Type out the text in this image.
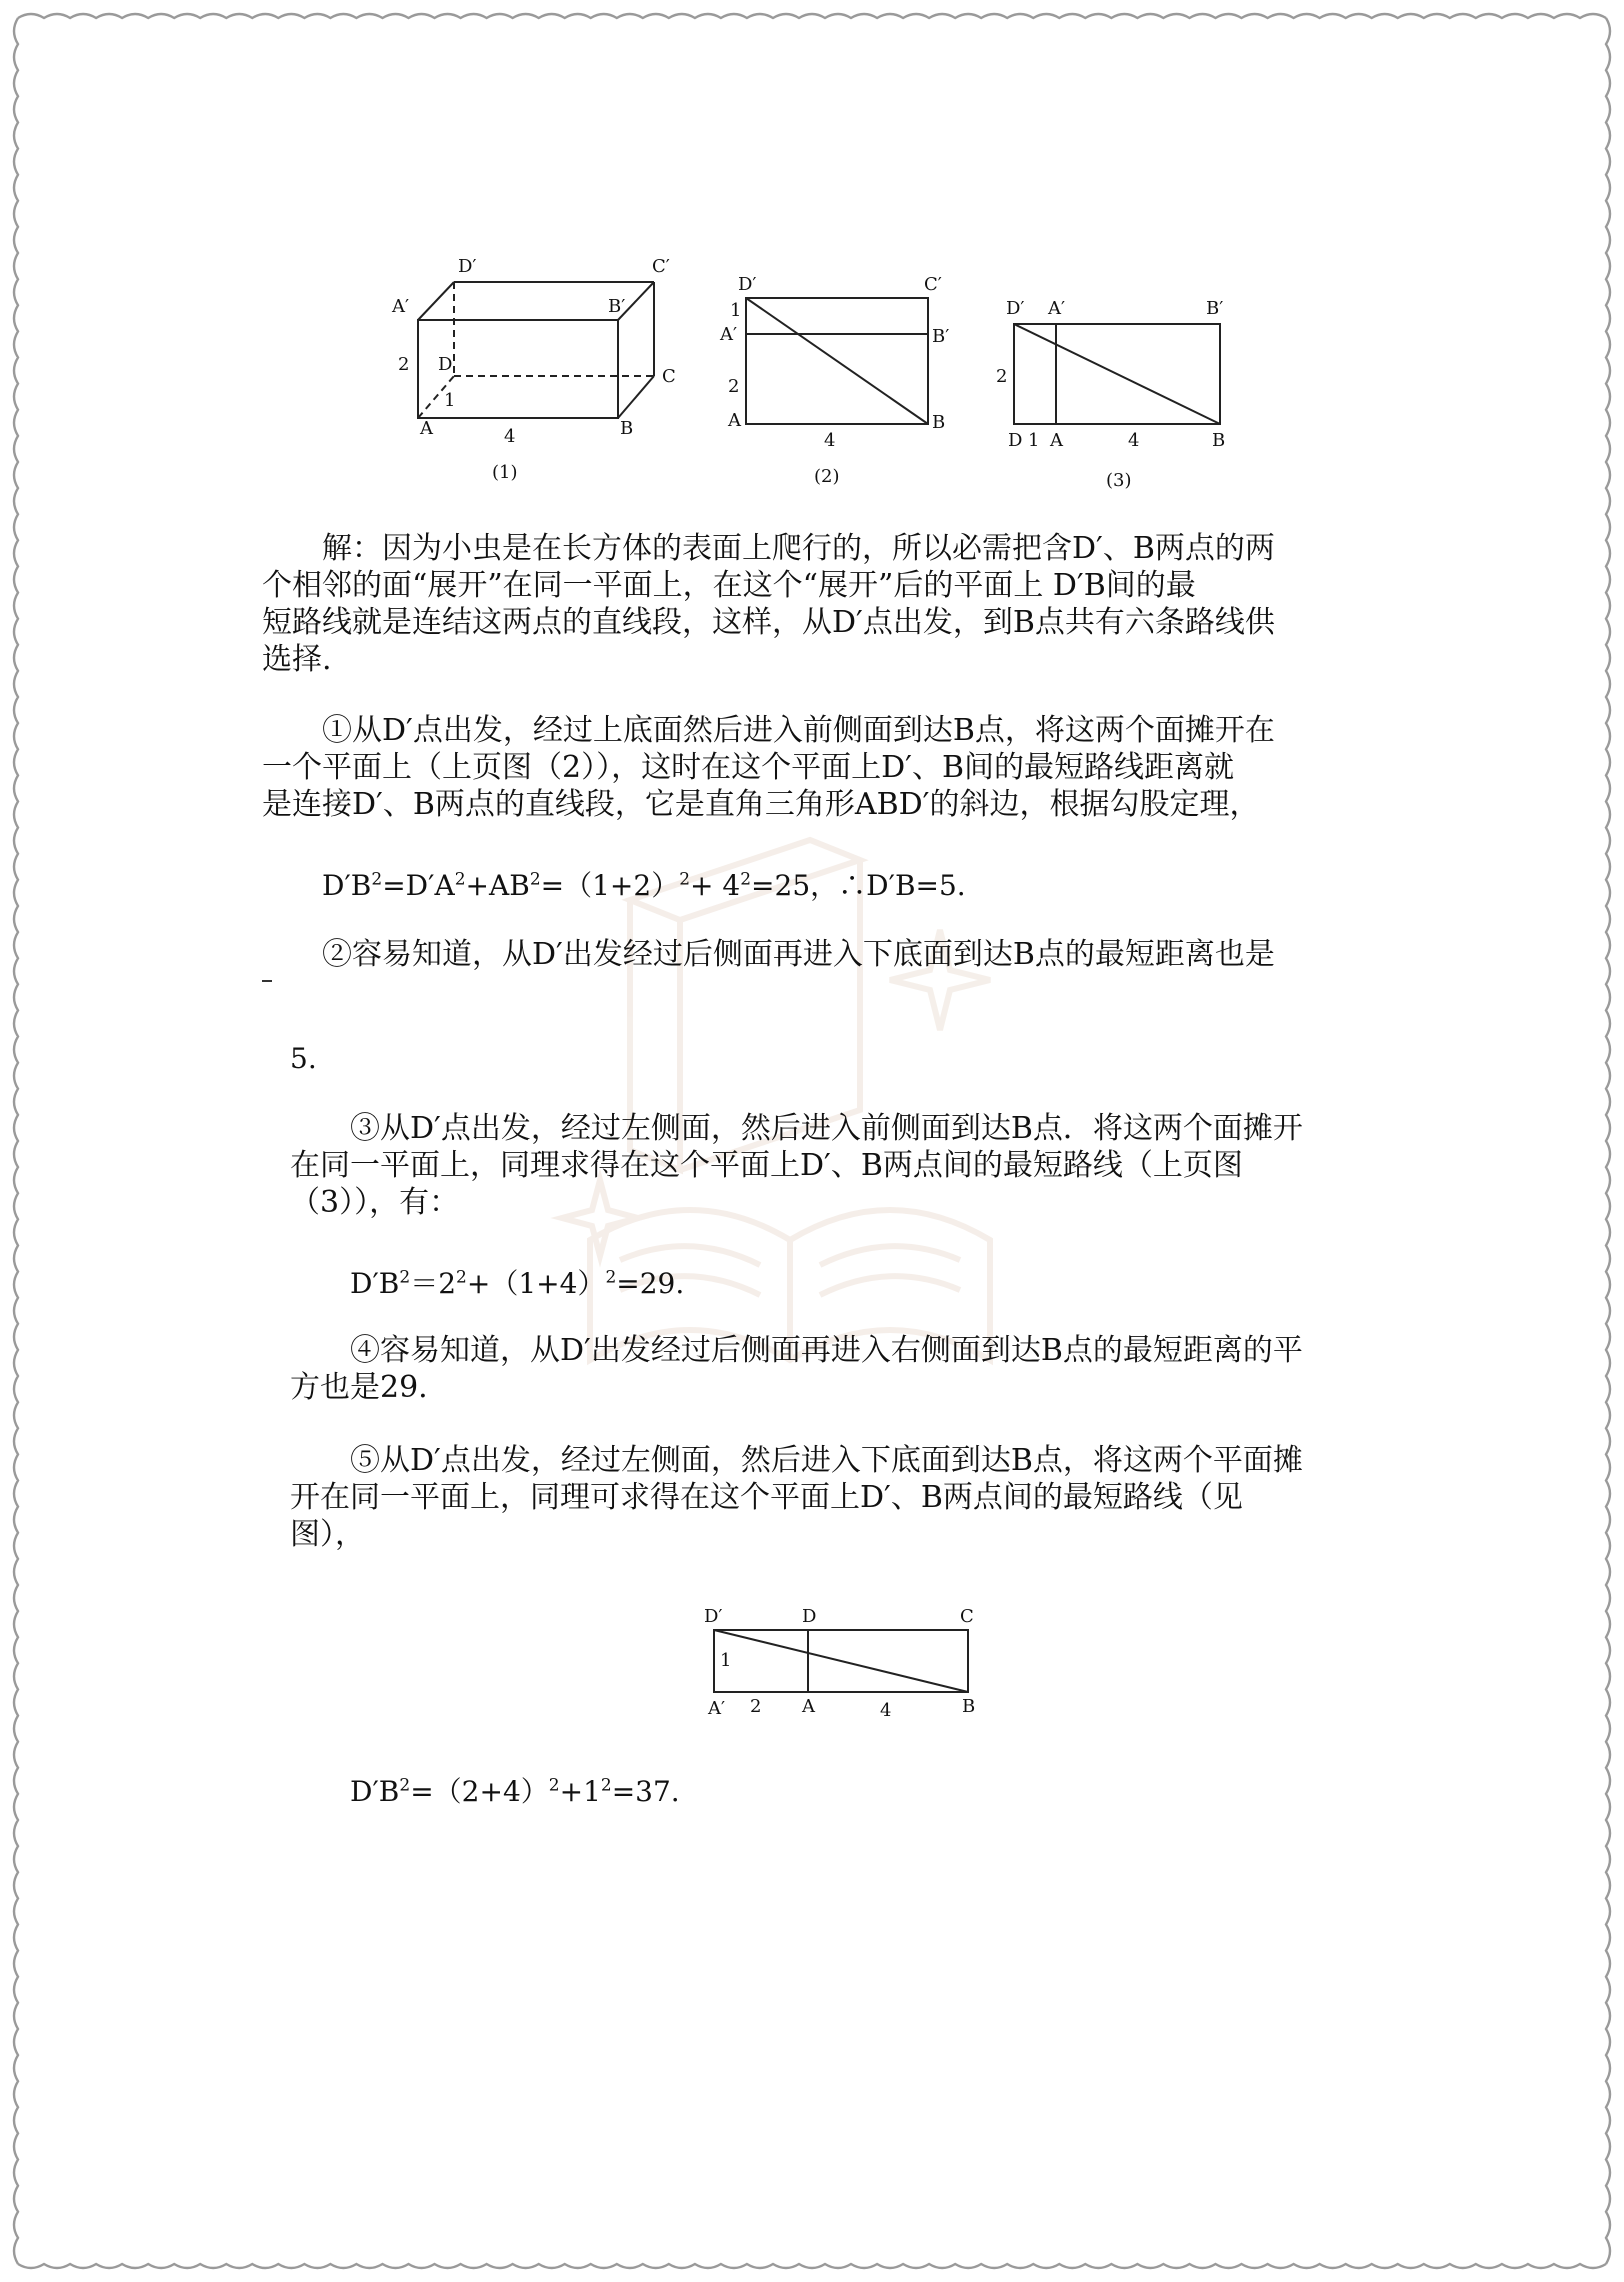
D′	C′
A′	B′
D
C
A	B
2
1
4
(1)
D′	C′
1
A′	B′
2
A
4
B
(2)
D′ A′	B′
2
D 1 A	4	B
(3)

解：因为小虫是在长方体的表面上爬行的，所以必需把含D′、B两点的两
个相邻的面“展开”在同一平面上，在这个“展开”后的平面上 D′B间的最
短路线就是连结这两点的直线段，这样，从D′点出发，到B点共有六条路线供
选择.

①从D′点出发，经过上底面然后进入前侧面到达B点，将这两个面摊开在
一个平面上（上页图（2）），这时在这个平面上D′、B间的最短路线距离就
是连接D′、B两点的直线段，它是直角三角形ABD′的斜边，根据勾股定理，

$D'B^2=D'A^2+AB^2=(1+2)^2+ 4^2=25$，∴D′B=5.

②容易知道，从D′出发经过后侧面再进入下底面到达B点的最短距离也是

5.

③从D′点出发，经过左侧面，然后进入前侧面到达B点．将这两个面摊开
在同一平面上，同理求得在这个平面上D′、B两点间的最短路线（上页图
（3）），有：

$D'B^2=2^2+(1+4)^2=29$.

④容易知道，从D′出发经过后侧面再进入右侧面到达B点的最短距离的平
方也是29.

⑤从D′点出发，经过左侧面，然后进入下底面到达B点，将这两个平面摊
开在同一平面上，同理可求得在这个平面上D′、B两点间的最短路线（见
图），

D′	D	C
1
A′ 2 A	4	B

$D'B^2=(2+4)^2+1^2=37$.
